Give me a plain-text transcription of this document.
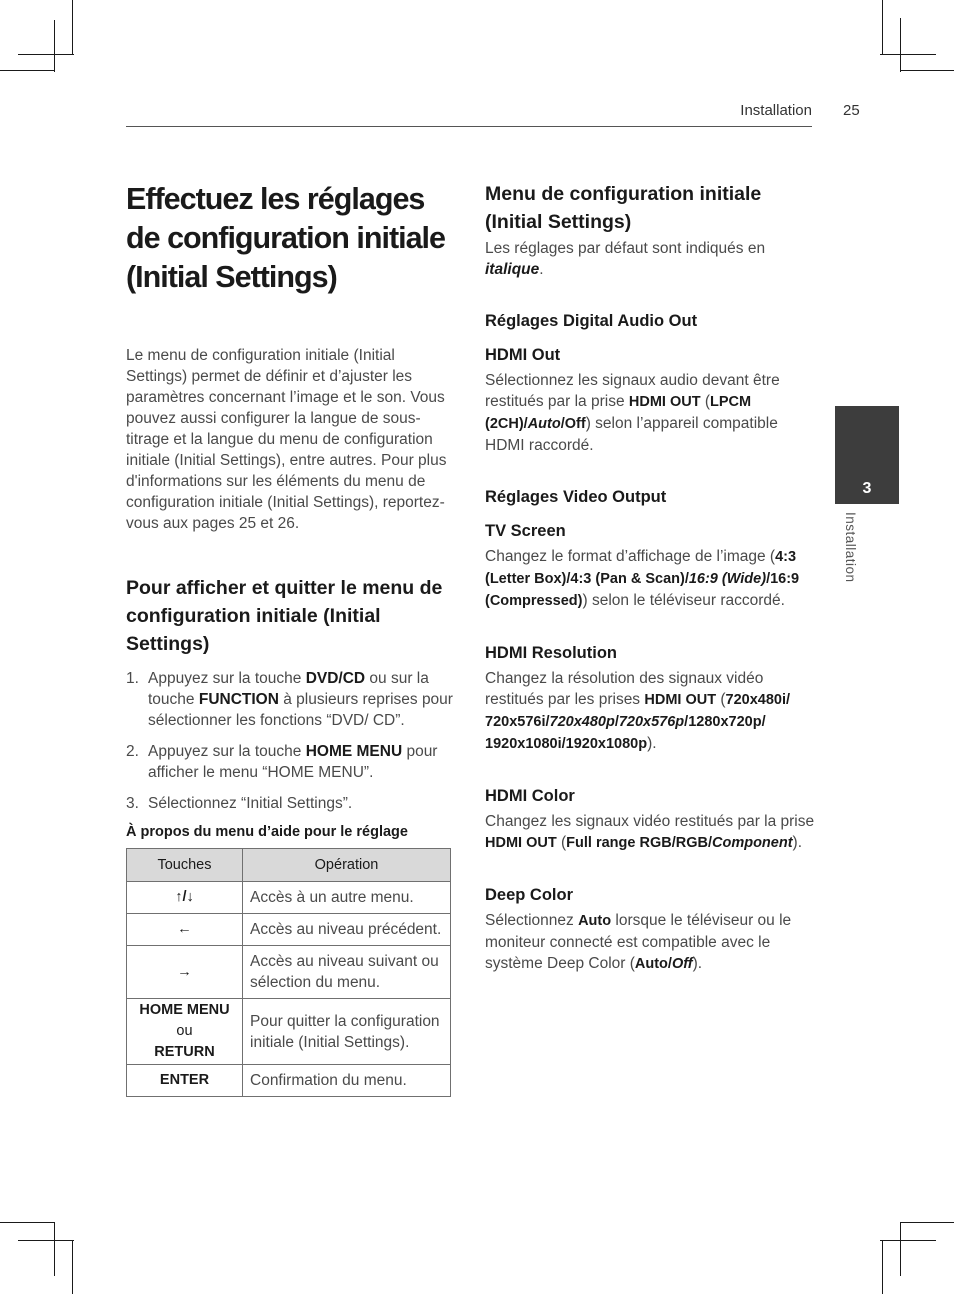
Installation 25
3
Installation
Effectuez les réglages de configuration initiale (Initial Settings)
Le menu de configuration initiale (Initial Settings) permet de définir et d’ajuster les paramètres concernant l’image et le son. Vous pouvez aussi configurer la langue de sous-titrage et la langue du menu de configuration initiale (Initial Settings), entre autres. Pour plus d'informations sur les éléments du menu de configuration initiale (Initial Settings), reportez-vous aux pages 25 et 26.
Pour afficher et quitter le menu de configuration initiale (Initial Settings)
1. Appuyez sur la touche DVD/CD ou sur la touche FUNCTION à plusieurs reprises pour sélectionner les fonctions “DVD/ CD”.
2. Appuyez sur la touche HOME MENU pour afficher le menu “HOME MENU”.
3. Sélectionnez “Initial Settings”.
À propos du menu d’aide pour le réglage
Touches	Opération
↑/↓	Accès à un autre menu.
←	Accès au niveau précédent.
→	Accès au niveau suivant ou sélection du menu.

HOME MENU
ou
RETURN	Pour quitter la configuration initiale (Initial Settings).
ENTER	Confirmation du menu.
Menu de configuration initiale (Initial Settings)
Les réglages par défaut sont indiqués en italique.
Réglages Digital Audio Out
HDMI Out
Sélectionnez les signaux audio devant être restitués par la prise HDMI OUT (LPCM (2CH)/Auto/Off) selon l’appareil compatible HDMI raccordé.
Réglages Video Output
TV Screen
Changez le format d’affichage de l’image (4:3 (Letter Box)/4:3 (Pan & Scan)/16:9 (Wide)/16:9 (Compressed)) selon le téléviseur raccordé.
HDMI Resolution
Changez la résolution des signaux vidéo restitués par les prises HDMI OUT (720x480i/ 720x576i/720x480p/720x576p/1280x720p/ 1920x1080i/1920x1080p).
HDMI Color
Changez les signaux vidéo restitués par la prise HDMI OUT (Full range RGB/RGB/Component).
Deep Color
Sélectionnez Auto lorsque le téléviseur ou le moniteur connecté est compatible avec le système Deep Color (Auto/Off).
